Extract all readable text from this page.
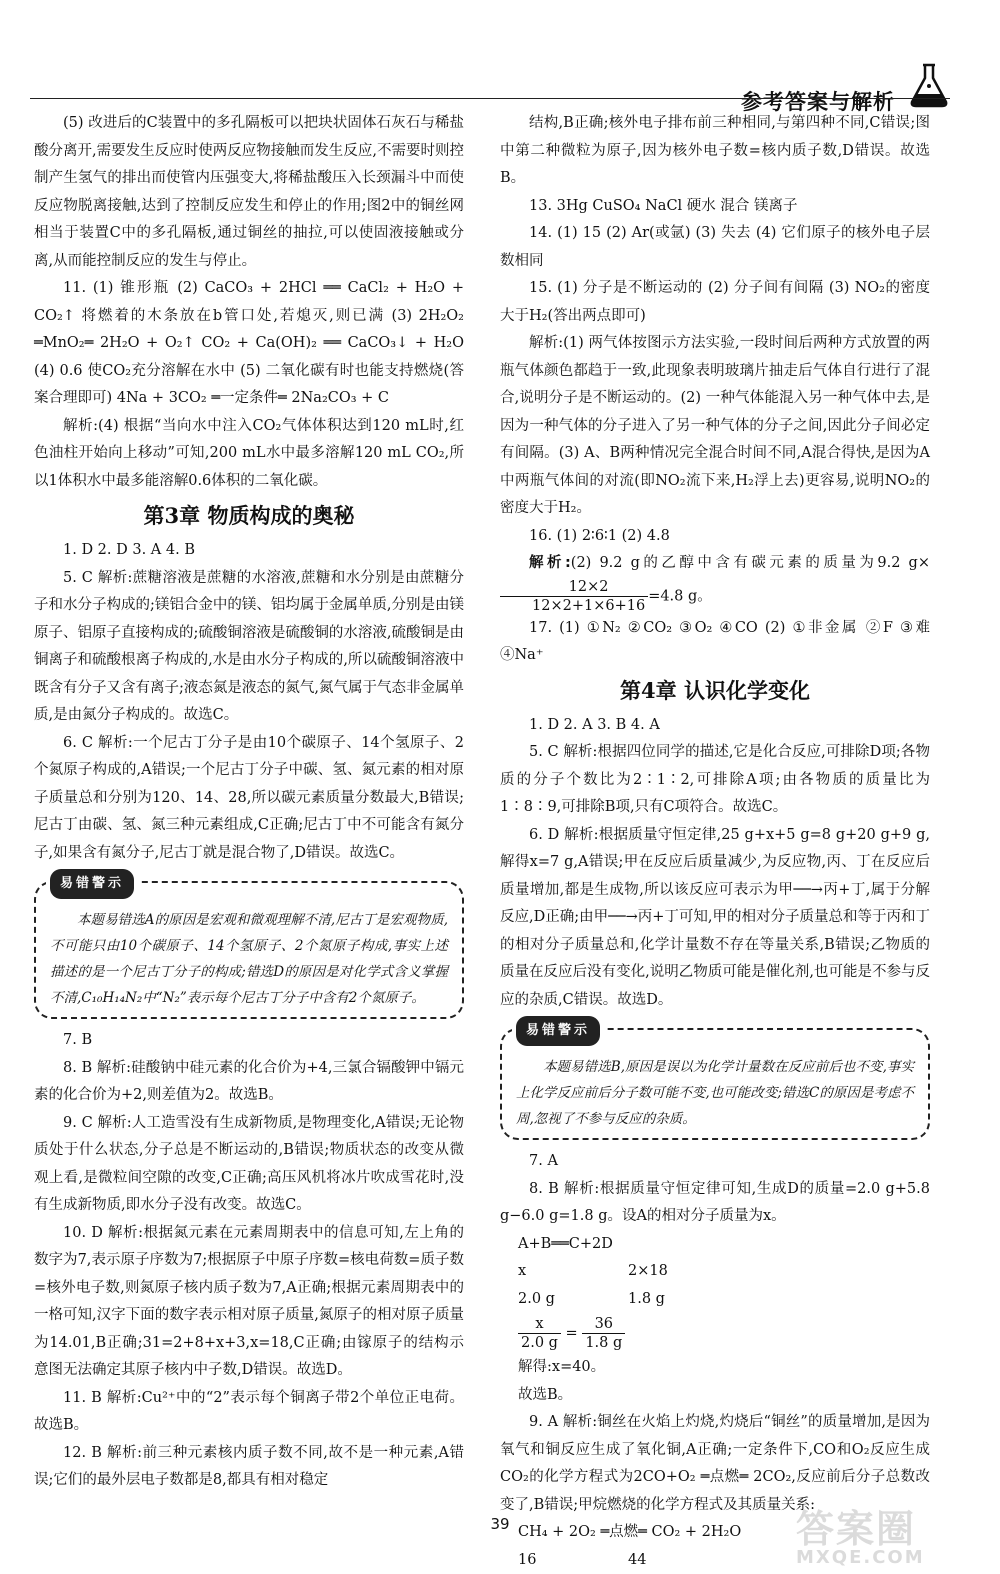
参考答案与解析

(5) 改进后的C装置中的多孔隔板可以把块状固体石灰石与稀盐酸分离开,需要发生反应时使两反应物接触而发生反应,不需要时则控制产生氢气的排出而使管内压强变大,将稀盐酸压入长颈漏斗中而使反应物脱离接触,达到了控制反应发生和停止的作用;图2中的铜丝网相当于装置C中的多孔隔板,通过铜丝的抽拉,可以使固液接触或分离,从而能控制反应的发生与停止。

11. (1) 锥形瓶 (2) CaCO₃ + 2HCl ══ CaCl₂ + H₂O + CO₂↑ 将燃着的木条放在b管口处,若熄灭,则已满 (3) 2H₂O₂ ═MnO₂═ 2H₂O + O₂↑ CO₂ + Ca(OH)₂ ══ CaCO₃↓ + H₂O (4) 0.6 使CO₂充分溶解在水中 (5) 二氧化碳有时也能支持燃烧(答案合理即可) 4Na + 3CO₂ ═一定条件═ 2Na₂CO₃ + C

解析:(4) 根据“当向水中注入CO₂气体体积达到120 mL时,红色油柱开始向上移动”可知,200 mL水中最多溶解120 mL CO₂,所以1体积水中最多能溶解0.6体积的二氧化碳。

第3章 物质构成的奥秘

1. D 2. D 3. A 4. B

5. C 解析:蔗糖溶液是蔗糖的水溶液,蔗糖和水分别是由蔗糖分子和水分子构成的;镁铝合金中的镁、铝均属于金属单质,分别是由镁原子、铝原子直接构成的;硫酸铜溶液是硫酸铜的水溶液,硫酸铜是由铜离子和硫酸根离子构成的,水是由水分子构成的,所以硫酸铜溶液中既含有分子又含有离子;液态氮是液态的氮气,氮气属于气态非金属单质,是由氮分子构成的。故选C。

6. C 解析:一个尼古丁分子是由10个碳原子、14个氢原子、2个氮原子构成的,A错误;一个尼古丁分子中碳、氢、氮元素的相对原子质量总和分别为120、14、28,所以碳元素质量分数最大,B错误;尼古丁由碳、氢、氮三种元素组成,C正确;尼古丁中不可能含有氮分子,如果含有氮分子,尼古丁就是混合物了,D错误。故选C。

易错警示

本题易错选A的原因是宏观和微观理解不清,尼古丁是宏观物质,不可能只由10个碳原子、14个氢原子、2个氮原子构成,事实上述描述的是一个尼古丁分子的构成;错选D的原因是对化学式含义掌握不清,C₁₀H₁₄N₂中“N₂”表示每个尼古丁分子中含有2个氮原子。

7. B

8. B 解析:硅酸钠中硅元素的化合价为+4,三氯合镉酸钾中镉元素的化合价为+2,则差值为2。故选B。

9. C 解析:人工造雪没有生成新物质,是物理变化,A错误;无论物质处于什么状态,分子总是不断运动的,B错误;物质状态的改变从微观上看,是微粒间空隙的改变,C正确;高压风机将冰片吹成雪花时,没有生成新物质,即水分子没有改变。故选C。

10. D 解析:根据氮元素在元素周期表中的信息可知,左上角的数字为7,表示原子序数为7;根据原子中原子序数=核电荷数=质子数=核外电子数,则氮原子核内质子数为7,A正确;根据元素周期表中的一格可知,汉字下面的数字表示相对原子质量,氮原子的相对原子质量为14.01,B正确;31=2+8+x+3,x=18,C正确;由镓原子的结构示意图无法确定其原子核内中子数,D错误。故选D。

11. B 解析:Cu²⁺中的“2”表示每个铜离子带2个单位正电荷。故选B。

12. B 解析:前三种元素核内质子数不同,故不是一种元素,A错误;它们的最外层电子数都是8,都具有相对稳定

结构,B正确;核外电子排布前三种相同,与第四种不同,C错误;图中第二种微粒为原子,因为核外电子数=核内质子数,D错误。故选B。

13. 3Hg CuSO₄ NaCl 硬水 混合 镁离子

14. (1) 15 (2) Ar(或氩) (3) 失去 (4) 它们原子的核外电子层数相同

15. (1) 分子是不断运动的 (2) 分子间有间隔 (3) NO₂的密度大于H₂(答出两点即可)

解析:(1) 两气体按图示方法实验,一段时间后两种方式放置的两瓶气体颜色都趋于一致,此现象表明玻璃片抽走后气体自行进行了混合,说明分子是不断运动的。(2) 一种气体能混入另一种气体中去,是因为一种气体的分子进入了另一种气体的分子之间,因此分子间必定有间隔。(3) A、B两种情况完全混合时间不同,A混合得快,是因为A中两瓶气体间的对流(即NO₂流下来,H₂浮上去)更容易,说明NO₂的密度大于H₂。

16. (1) 2∶6∶1 (2) 4.8

解析:(2) 9.2 g的乙醇中含有碳元素的质量为9.2 g×
$\frac{12\times 2}{12\times 2+1\times 6+16} =4.8$ g。

17. (1) ①N₂ ②CO₂ ③O₂ ④CO (2) ①非金属 ②F ③难 ④Na⁺

第4章 认识化学变化

1. D 2. A 3. B 4. A

5. C 解析:根据四位同学的描述,它是化合反应,可排除D项;各物质的分子个数比为2∶1∶2,可排除A项;由各物质的质量比为1∶8∶9,可排除B项,只有C项符合。故选C。

6. D 解析:根据质量守恒定律,25 g+x+5 g=8 g+20 g+9 g,解得x=7 g,A错误;甲在反应后质量减少,为反应物,丙、丁在反应后质量增加,都是生成物,所以该反应可表示为甲──→丙+丁,属于分解反应,D正确;由甲──→丙+丁可知,甲的相对分子质量总和等于丙和丁的相对分子质量总和,化学计量数不存在等量关系,B错误;乙物质的质量在反应后没有变化,说明乙物质可能是催化剂,也可能是不参与反应的杂质,C错误。故选D。

易错警示

本题易错选B,原因是误以为化学计量数在反应前后也不变,事实上化学反应前后分子数可能不变,也可能改变;错选C的原因是考虑不周,忽视了不参与反应的杂质。

7. A

8. B 解析:根据质量守恒定律可知,生成D的质量=2.0 g+5.8 g−6.0 g=1.8 g。设A的相对分子质量为x。

A+B══C+2D
x	2×18
2.0 g	1.8 g
$\frac{x}{2.0 g} = \frac{36}{1.8 g}$
解得:x=40。
故选B。

9. A 解析:铜丝在火焰上灼烧,灼烧后“铜丝”的质量增加,是因为氧气和铜反应生成了氧化铜,A正确;一定条件下,CO和O₂反应生成CO₂的化学方程式为2CO+O₂ ═点燃═ 2CO₂,反应前后分子总数改变了,B错误;甲烷燃烧的化学方程式及其质量关系:

CH₄ + 2O₂ ═点燃═ CO₂ + 2H₂O
16	44
39	答案圈
MXQE.COM
